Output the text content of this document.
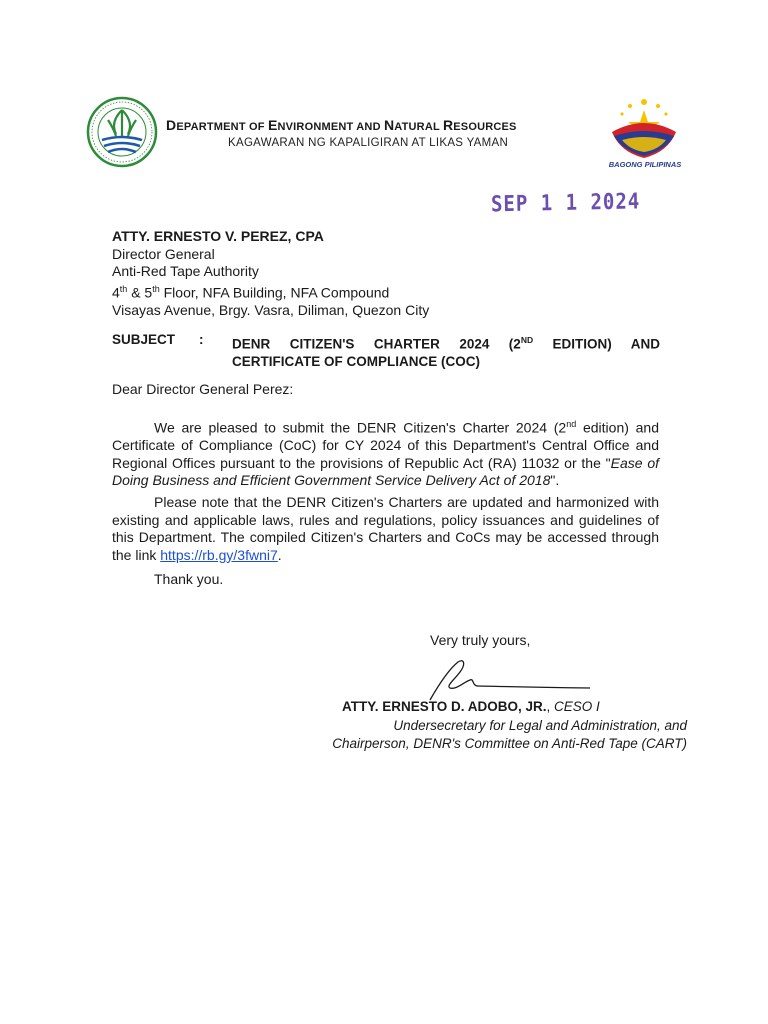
DEPARTMENT OF ENVIRONMENT AND NATURAL RESOURCES
KAGAWARAN NG KAPALIGIRAN AT LIKAS YAMAN
BAGONG PILIPINAS
SEP 1 1 2024
ATTY. ERNESTO V. PEREZ, CPA
Director General
Anti-Red Tape Authority
4th & 5th Floor, NFA Building, NFA Compound
Visayas Avenue, Brgy. Vasra, Diliman, Quezon City
SUBJECT : DENR CITIZEN'S CHARTER 2024 (2ND EDITION) AND
CERTIFICATE OF COMPLIANCE (COC)
Dear Director General Perez:
We are pleased to submit the DENR Citizen's Charter 2024 (2nd edition) and Certificate of Compliance (CoC) for CY 2024 of this Department's Central Office and Regional Offices pursuant to the provisions of Republic Act (RA) 11032 or the "Ease of Doing Business and Efficient Government Service Delivery Act of 2018".
Please note that the DENR Citizen's Charters are updated and harmonized with existing and applicable laws, rules and regulations, policy issuances and guidelines of this Department. The compiled Citizen's Charters and CoCs may be accessed through the link https://rb.gy/3fwni7.
Thank you.
Very truly yours,
ATTY. ERNESTO D. ADOBO, JR., CESO I
Undersecretary for Legal and Administration, and
Chairperson, DENR's Committee on Anti-Red Tape (CART)
